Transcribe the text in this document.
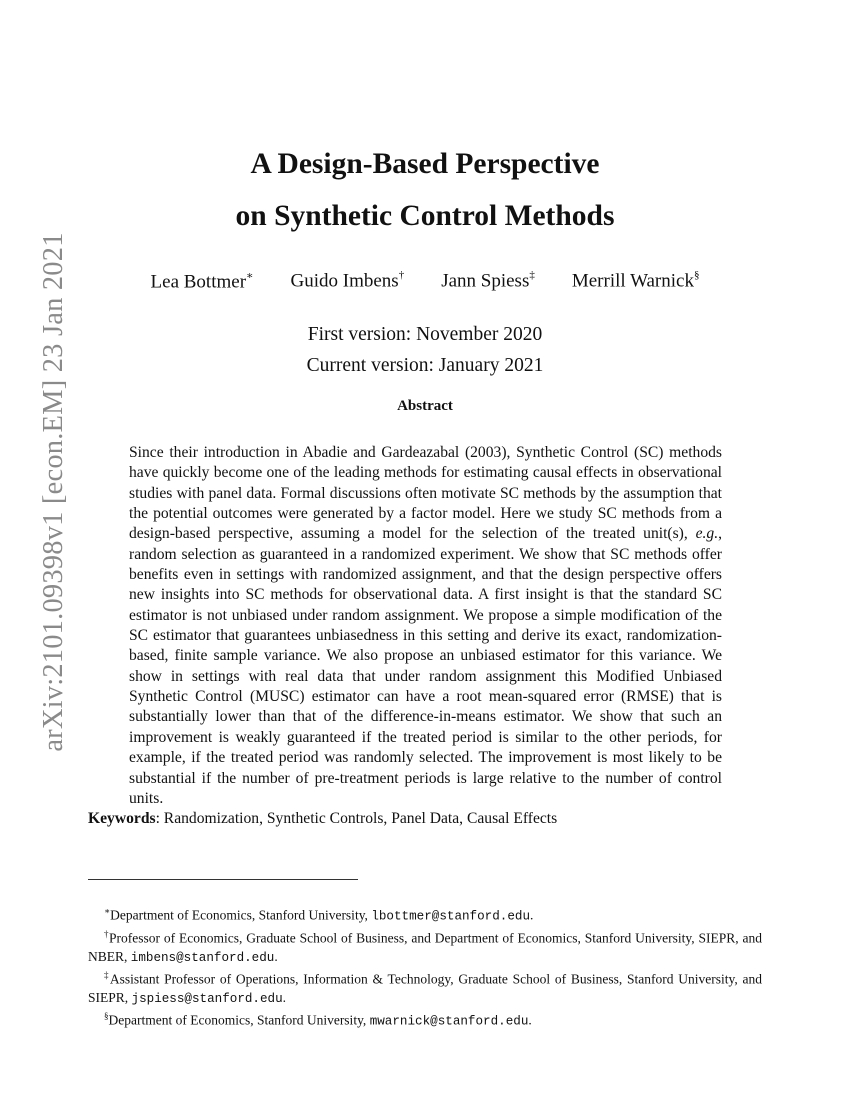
arXiv:2101.09398v1 [econ.EM] 23 Jan 2021
A Design-Based Perspective
on Synthetic Control Methods
Lea Bottmer∗ Guido Imbens† Jann Spiess‡ Merrill Warnick§
First version: November 2020
Current version: January 2021
Abstract
Since their introduction in Abadie and Gardeazabal (2003), Synthetic Control (SC) methods have quickly become one of the leading methods for estimating causal effects in observational studies with panel data. Formal discussions often motivate SC methods by the assumption that the potential outcomes were generated by a factor model. Here we study SC methods from a design-based perspective, assuming a model for the selection of the treated unit(s), e.g., random selection as guaranteed in a randomized experiment. We show that SC methods offer benefits even in settings with randomized assignment, and that the design perspective offers new insights into SC methods for observational data. A first insight is that the standard SC estimator is not unbiased under random assignment. We propose a simple modification of the SC estimator that guarantees unbiasedness in this setting and derive its exact, randomization-based, finite sample variance. We also propose an unbiased estimator for this variance. We show in settings with real data that under random assignment this Modified Unbiased Synthetic Control (MUSC) estimator can have a root mean-squared error (RMSE) that is substantially lower than that of the difference-in-means estimator. We show that such an improvement is weakly guaranteed if the treated period is similar to the other periods, for example, if the treated period was randomly selected. The improvement is most likely to be substantial if the number of pre-treatment periods is large relative to the number of control units.
Keywords: Randomization, Synthetic Controls, Panel Data, Causal Effects
∗Department of Economics, Stanford University, lbottmer@stanford.edu.
†Professor of Economics, Graduate School of Business, and Department of Economics, Stanford University, SIEPR, and NBER, imbens@stanford.edu.
‡Assistant Professor of Operations, Information & Technology, Graduate School of Business, Stanford University, and SIEPR, jspiess@stanford.edu.
§Department of Economics, Stanford University, mwarnick@stanford.edu.
